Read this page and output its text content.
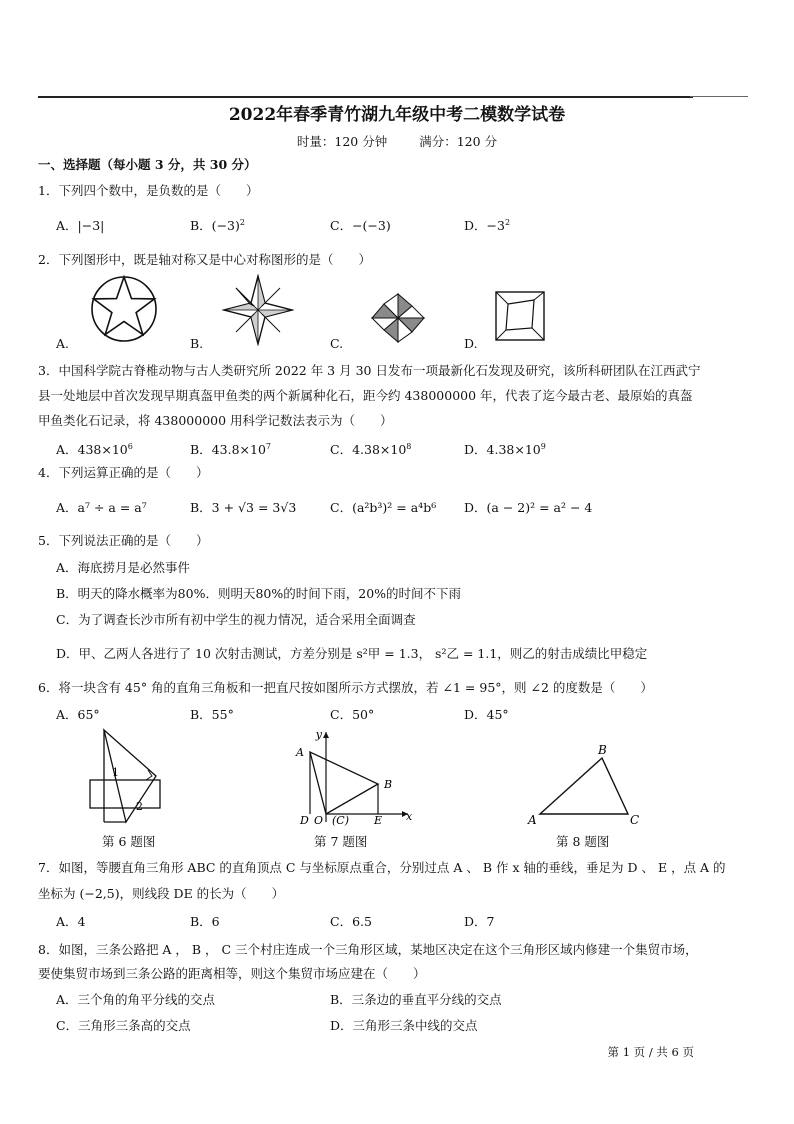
2022年春季青竹湖九年级中考二模数学试卷
时量：120 分钟	满分：120 分
一、选择题（每小题 3 分，共 30 分）
1．下列四个数中，是负数的是（　　）
A．|−3|	B．$(-3)^2$	C．−(−3)	D．$-3^2$
2．下列图形中，既是轴对称又是中心对称图形的是（　　）
A.	B.	C.	D.
3．中国科学院古脊椎动物与古人类研究所 2022 年 3 月 30 日发布一项最新化石发现及研究，该所科研团队在江西武宁
县一处地层中首次发现早期真盔甲鱼类的两个新属种化石，距今约 438000000 年，代表了迄今最古老、最原始的真盔
甲鱼类化石记录，将 438000000 用科学记数法表示为（　　）
A．$438\times 10^6$	B．$43.8\times 10^7$	C．$4.38\times 10^8$	D．$4.38\times 10^9$
4．下列运算正确的是（　　）
A．a⁷ ÷ a = a⁷	B．3 + √3 = 3√3	C．(a²b³)² = a⁴b⁶ D．(a − 2)² = a² − 4
5．下列说法正确的是（　　）
A．海底捞月是必然事件
B．明天的降水概率为80%．则明天80%的时间下雨，20%的时间不下雨
C．为了调查长沙市所有初中学生的视力情况，适合采用全面调查
D．甲、乙两人各进行了 10 次射击测试，方差分别是 s²甲 = 1.3， s²乙 = 1.1，则乙的射击成绩比甲稳定
6．将一块含有 45° 角的直角三角板和一把直尺按如图所示方式摆放，若 ∠1 = 95°，则 ∠2 的度数是（　　）
A．65°	B．55°	C．50°	D．45°
1
2
第 6 题图
y
A
B
D O (C) E x
第 7 题图
B
A	C
第 8 题图
7．如图，等腰直角三角形 ABC 的直角顶点 C 与坐标原点重合，分别过点 A 、 B 作 x 轴的垂线，垂足为 D 、 E ，点 A 的
坐标为 (−2,5)，则线段 DE 的长为（　　）
A．4	B．6	C．6.5	D．7
8．如图，三条公路把 A ， B ， C 三个村庄连成一个三角形区域，某地区决定在这个三角形区域内修建一个集贸市场，
要使集贸市场到三条公路的距离相等，则这个集贸市场应建在（　　）
A．三个角的角平分线的交点	B．三条边的垂直平分线的交点
C．三角形三条高的交点	D．三角形三条中线的交点
第 1 页 / 共 6 页
